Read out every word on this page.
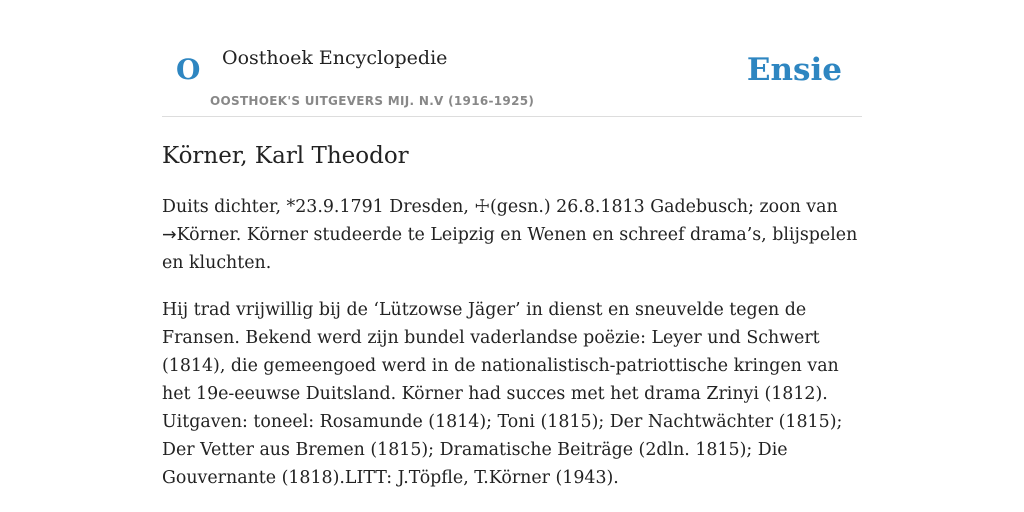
O Oosthoek Encyclopedie
OOSTHOEK'S UITGEVERS MIJ. N.V (1916-1925)
Ensie
Körner, Karl Theodor

Duits dichter, *23.9.1791 Dresden, ☩(gesn.) 26.8.1813 Gadebusch; zoon van →Körner. Körner studeerde te Leipzig en Wenen en schreef drama’s, blijspelen en kluchten.

Hij trad vrijwillig bij de ‘Lützowse Jäger’ in dienst en sneuvelde tegen de Fransen. Bekend werd zijn bundel vaderlandse poëzie: Leyer und Schwert (1814), die gemeengoed werd in de nationalistisch-patriottische kringen van het 19e-eeuwse Duitsland. Körner had succes met het drama Zrinyi (1812). Uitgaven: toneel: Rosamunde (1814); Toni (1815); Der Nachtwächter (1815); Der Vetter aus Bremen (1815); Dramatische Beiträge (2dln. 1815); Die Gouvernante (1818).LITT: J.Töpfle, T.Körner (1943).
